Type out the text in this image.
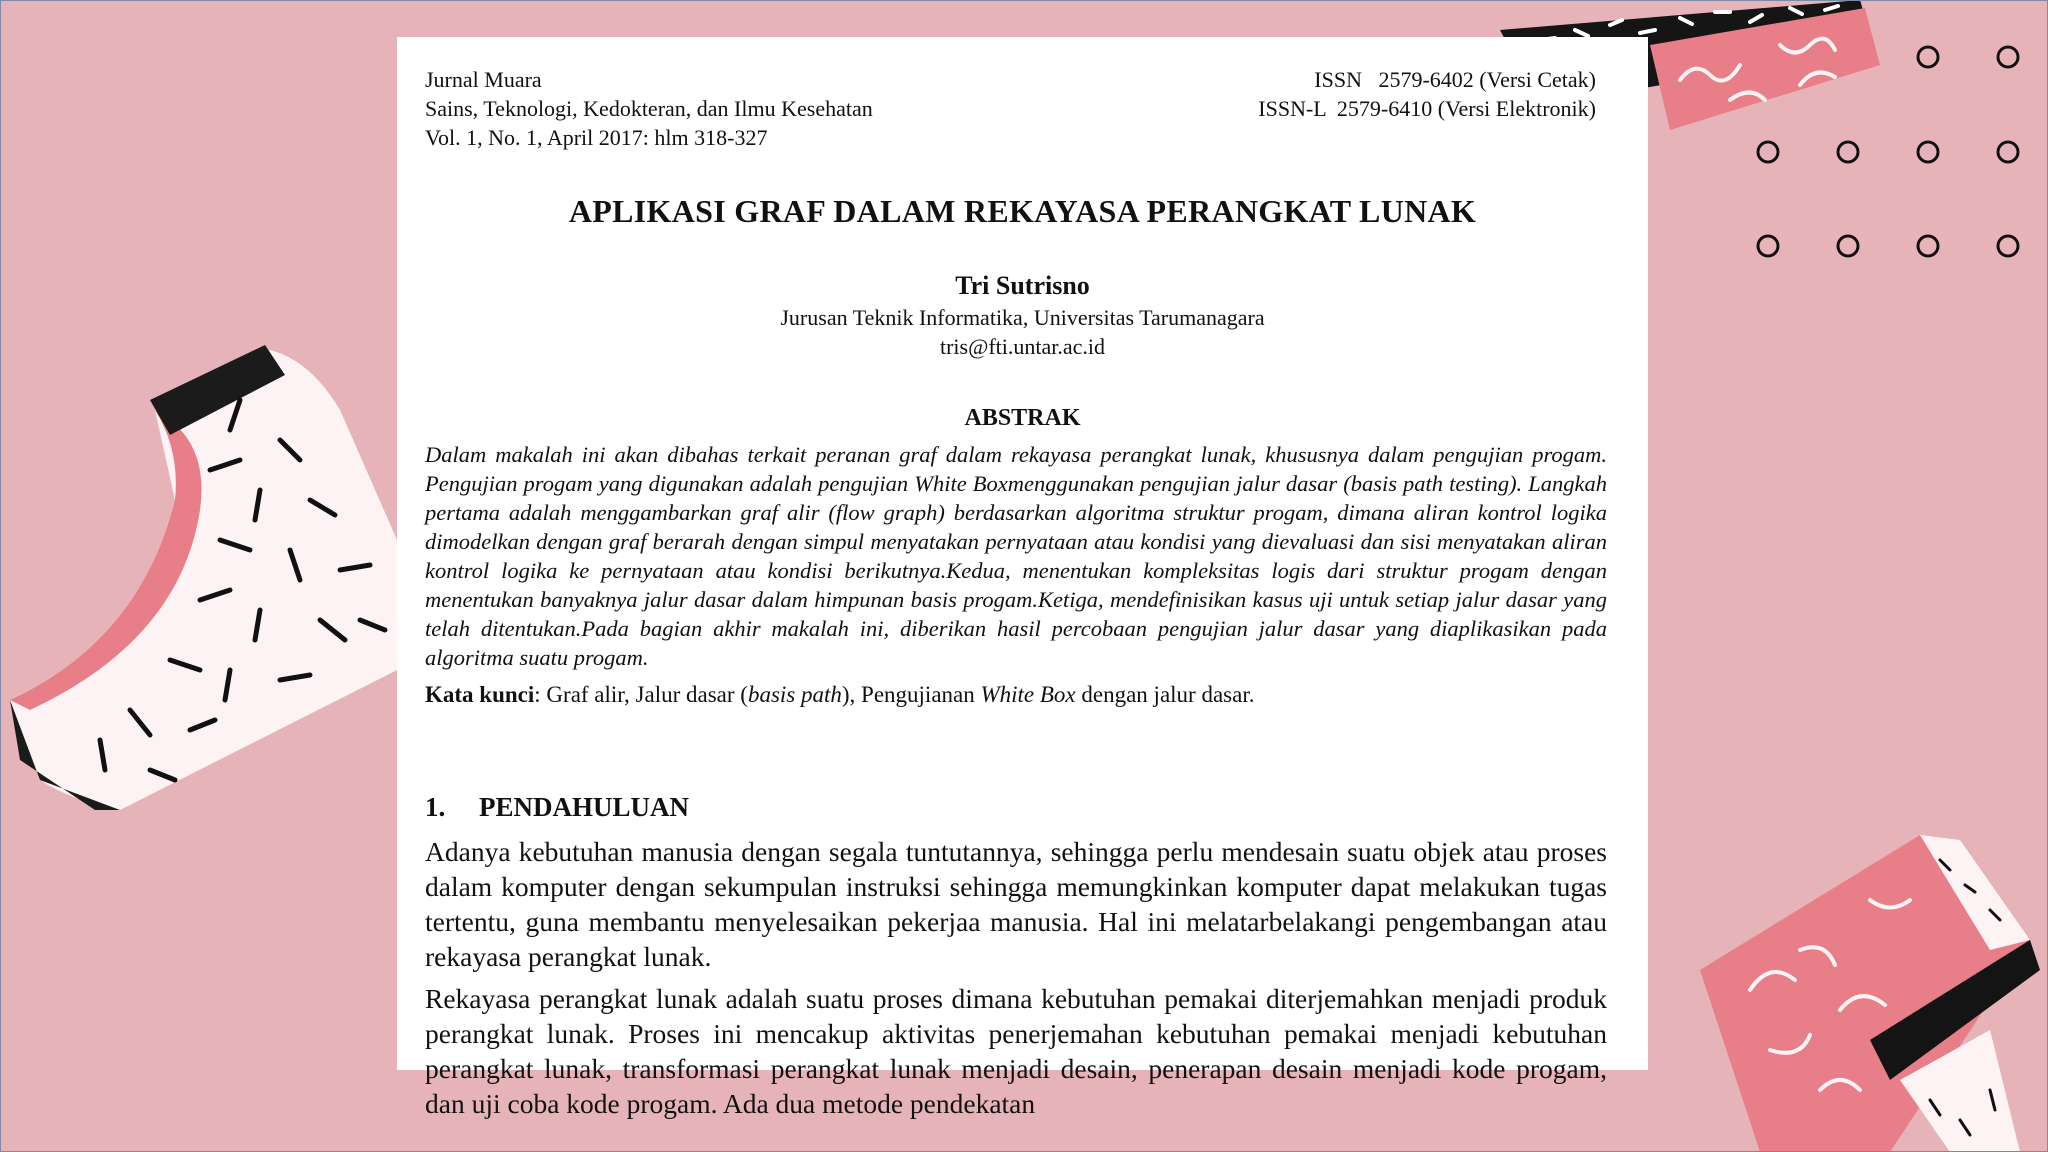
Jurnal Muara
Sains, Teknologi, Kedokteran, dan Ilmu Kesehatan
Vol. 1, No. 1, April 2017: hlm 318-327
ISSN   2579-6402 (Versi Cetak)
ISSN-L  2579-6410 (Versi Elektronik)
APLIKASI GRAF DALAM REKAYASA PERANGKAT LUNAK
Tri Sutrisno
Jurusan Teknik Informatika, Universitas Tarumanagara
tris@fti.untar.ac.id
ABSTRAK
Dalam makalah ini akan dibahas terkait peranan graf dalam rekayasa perangkat lunak, khususnya dalam pengujian progam. Pengujian progam yang digunakan adalah pengujian White Boxmenggunakan pengujian jalur dasar (basis path testing). Langkah pertama adalah menggambarkan graf alir (flow graph) berdasarkan algoritma struktur progam, dimana aliran kontrol logika dimodelkan dengan graf berarah dengan simpul menyatakan pernyataan atau kondisi yang dievaluasi dan sisi menyatakan aliran kontrol logika ke pernyataan atau kondisi berikutnya.Kedua, menentukan kompleksitas logis dari struktur progam dengan menentukan banyaknya jalur dasar dalam himpunan basis progam.Ketiga, mendefinisikan kasus uji untuk setiap jalur dasar yang telah ditentukan.Pada bagian akhir makalah ini, diberikan hasil percobaan pengujian jalur dasar yang diaplikasikan pada algoritma suatu progam.
Kata kunci: Graf alir, Jalur dasar (basis path), Pengujianan White Box dengan jalur dasar.
1. PENDAHULUAN

Adanya kebutuhan manusia dengan segala tuntutannya, sehingga perlu mendesain suatu objek atau proses dalam komputer dengan sekumpulan instruksi sehingga memungkinkan komputer dapat melakukan tugas tertentu, guna membantu menyelesaikan pekerjaa manusia. Hal ini melatarbelakangi pengembangan atau rekayasa perangkat lunak.

Rekayasa perangkat lunak adalah suatu proses dimana kebutuhan pemakai diterjemahkan menjadi produk perangkat lunak. Proses ini mencakup aktivitas penerjemahan kebutuhan pemakai menjadi kebutuhan perangkat lunak, transformasi perangkat lunak menjadi desain, penerapan desain menjadi kode progam, dan uji coba kode progam. Ada dua metode pendekatan
